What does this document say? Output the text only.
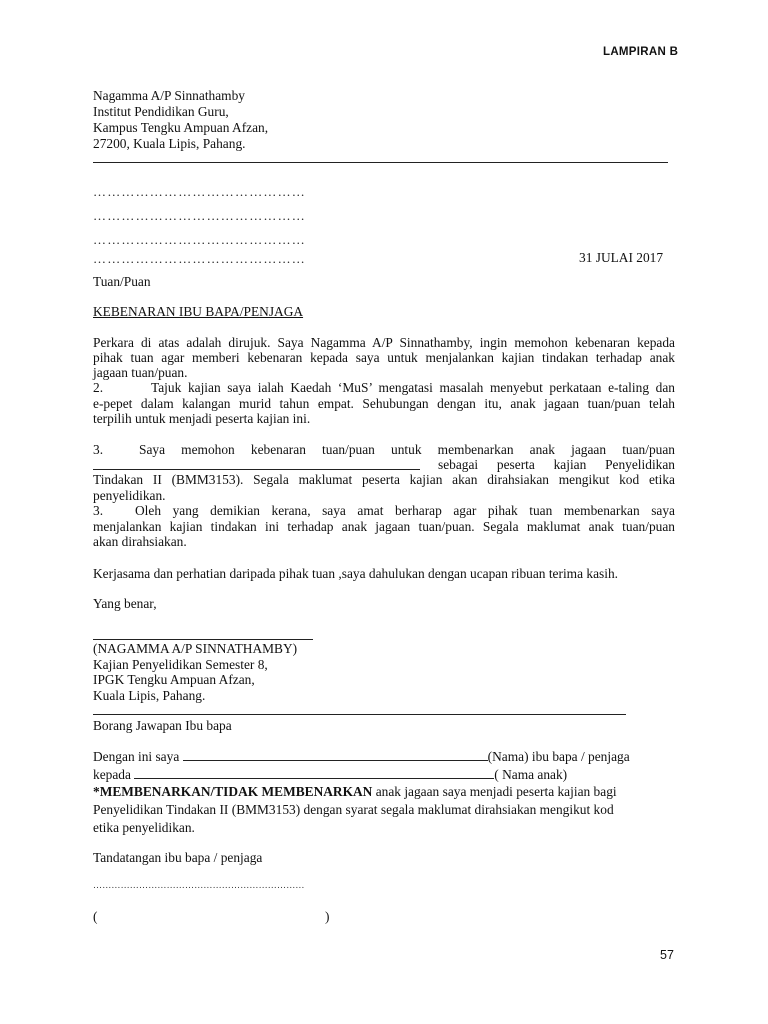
LAMPIRAN B
Nagamma A/P Sinnathamby
Institut Pendidikan Guru,
Kampus Tengku Ampuan Afzan,
27200, Kuala Lipis, Pahang.
………………………………………
………………………………………
………………………………………
………………………………………	31 JULAI 2017
Tuan/Puan
KEBENARAN IBU BAPA/PENJAGA
Perkara di atas adalah dirujuk. Saya Nagamma A/P Sinnathamby, ingin memohon kebenaran kepada
pihak tuan agar memberi kebenaran kepada saya untuk menjalankan kajian tindakan terhadap anak
jagaan tuan/puan.
2.	Tajuk kajian saya ialah Kaedah ‘MuS’ mengatasi masalah menyebut perkataan e-taling dan
e-pepet dalam kalangan murid tahun empat. Sehubungan dengan itu, anak jagaan tuan/puan telah
terpilih untuk menjadi peserta kajian ini.
3.	Saya memohon kebenaran tuan/puan untuk membenarkan anak jagaan tuan/puan
sebagai peserta kajian Penyelidikan
Tindakan II (BMM3153). Segala maklumat peserta kajian akan dirahsiakan mengikut kod etika
penyelidikan.
3. Oleh yang demikian kerana, saya amat berharap agar pihak tuan membenarkan saya
menjalankan kajian tindakan ini terhadap anak jagaan tuan/puan. Segala maklumat anak tuan/puan
akan dirahsiakan.
Kerjasama dan perhatian daripada pihak tuan ,saya dahulukan dengan ucapan ribuan terima kasih.
Yang benar,
(NAGAMMA A/P SINNATHAMBY)
Kajian Penyelidikan Semester 8,
IPGK Tengku Ampuan Afzan,
Kuala Lipis, Pahang.
Borang Jawapan Ibu bapa
Dengan ini saya	(Nama) ibu bapa / penjaga
kepada	( Nama anak)
*MEMBENARKAN/TIDAK MEMBENARKAN anak jagaan saya menjadi peserta kajian bagi
Penyelidikan Tindakan II (BMM3153) dengan syarat segala maklumat dirahsiakan mengikut kod
etika penyelidikan.
Tandatangan ibu bapa / penjaga
……………………………………………………………
(	)
57
